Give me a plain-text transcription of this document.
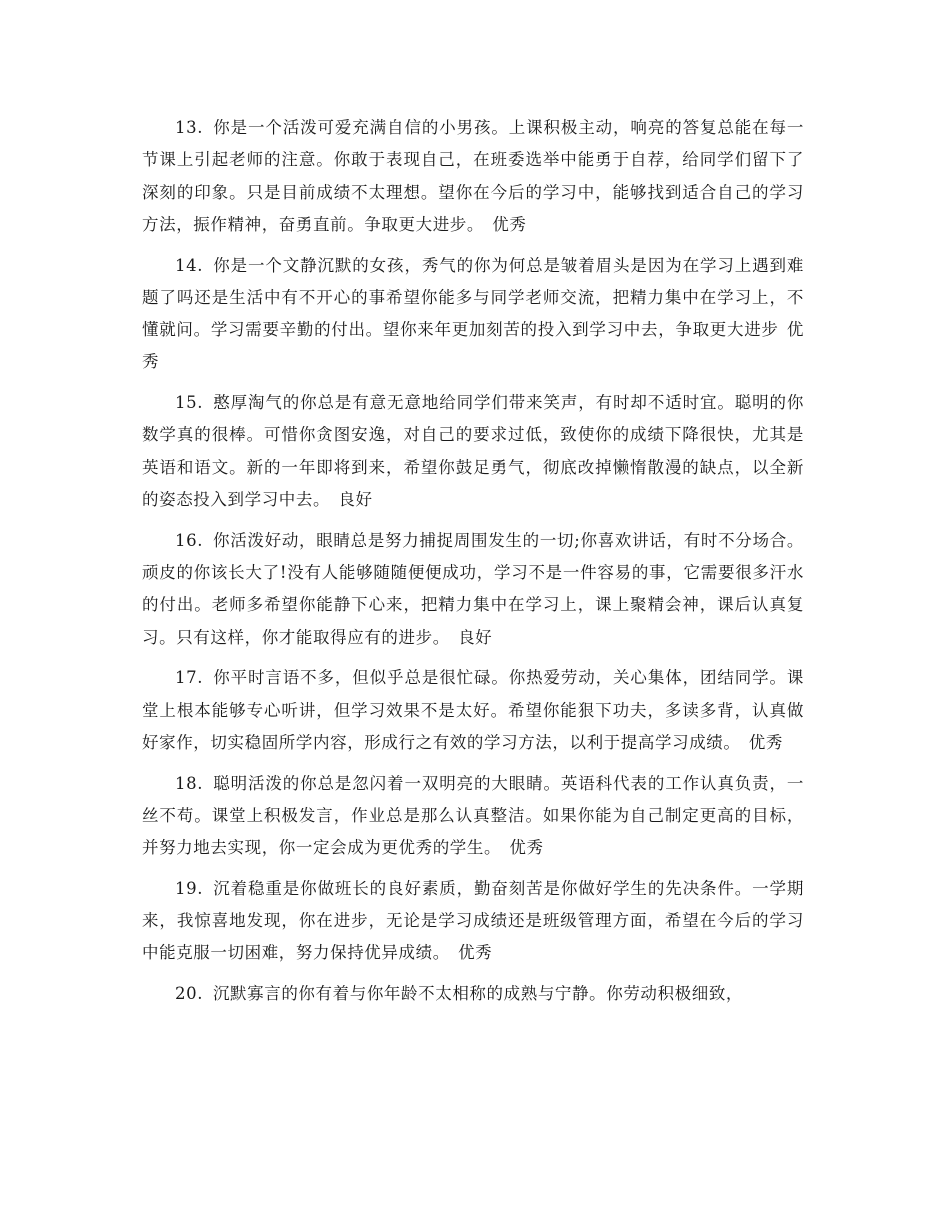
13. 你是一个活泼可爱充满自信的小男孩。上课积极主动，响亮的答复总能在每一节课上引起老师的注意。你敢于表现自己，在班委选举中能勇于自荐，给同学们留下了深刻的印象。只是目前成绩不太理想。望你在今后的学习中，能够找到适合自己的学习方法，振作精神，奋勇直前。争取更大进步。 优秀

14. 你是一个文静沉默的女孩，秀气的你为何总是皱着眉头是因为在学习上遇到难题了吗还是生活中有不开心的事希望你能多与同学老师交流，把精力集中在学习上，不懂就问。学习需要辛勤的付出。望你来年更加刻苦的投入到学习中去，争取更大进步 优秀

15. 憨厚淘气的你总是有意无意地给同学们带来笑声，有时却不适时宜。聪明的你数学真的很棒。可惜你贪图安逸，对自己的要求过低，致使你的成绩下降很快，尤其是英语和语文。新的一年即将到来，希望你鼓足勇气，彻底改掉懒惰散漫的缺点，以全新的姿态投入到学习中去。 良好

16. 你活泼好动，眼睛总是努力捕捉周围发生的一切;你喜欢讲话，有时不分场合。顽皮的你该长大了!没有人能够随随便便成功，学习不是一件容易的事，它需要很多汗水的付出。老师多希望你能静下心来，把精力集中在学习上，课上聚精会神，课后认真复习。只有这样，你才能取得应有的进步。 良好

17. 你平时言语不多，但似乎总是很忙碌。你热爱劳动，关心集体，团结同学。课堂上根本能够专心听讲，但学习效果不是太好。希望你能狠下功夫，多读多背，认真做好家作，切实稳固所学内容，形成行之有效的学习方法，以利于提高学习成绩。 优秀

18. 聪明活泼的你总是忽闪着一双明亮的大眼睛。英语科代表的工作认真负责，一丝不苟。课堂上积极发言，作业总是那么认真整洁。如果你能为自己制定更高的目标，并努力地去实现，你一定会成为更优秀的学生。 优秀

19. 沉着稳重是你做班长的良好素质，勤奋刻苦是你做好学生的先决条件。一学期来，我惊喜地发现，你在进步，无论是学习成绩还是班级管理方面，希望在今后的学习中能克服一切困难，努力保持优异成绩。 优秀

20. 沉默寡言的你有着与你年龄不太相称的成熟与宁静。你劳动积极细致，
